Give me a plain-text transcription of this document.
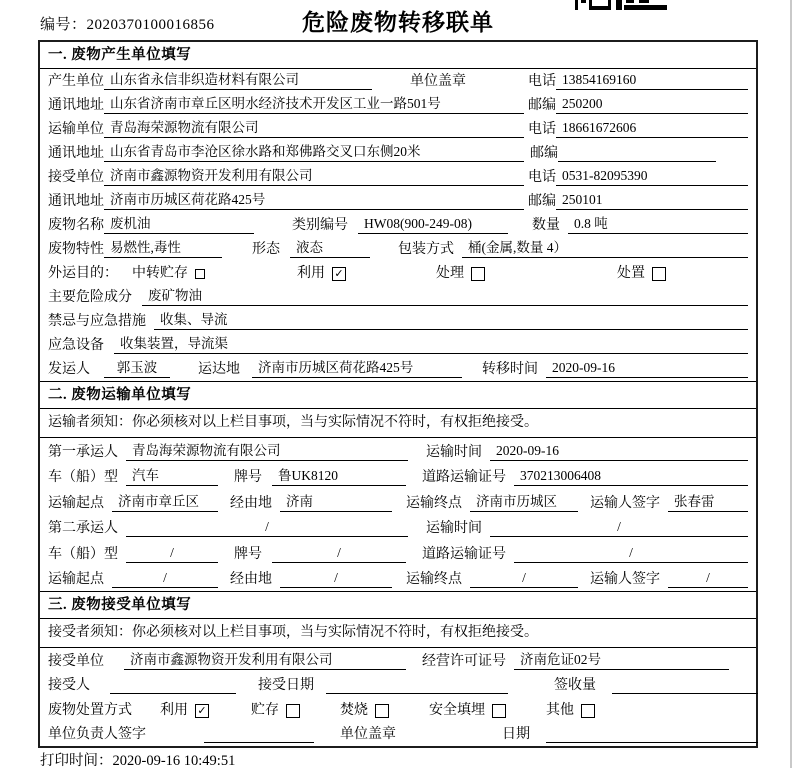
编号：2020370100016856	危险废物转移联单
一. 废物产生单位填写
产生单位 山东省永信非织造材料有限公司	单位盖章	电话 13854169160
通讯地址 山东省济南市章丘区明水经济技术开发区工业一路501号	邮编 250200
运输单位 青岛海荣源物流有限公司	电话 18661672606
通讯地址 山东省青岛市李沧区徐水路和郑佛路交叉口东侧20米	邮编
接受单位 济南市鑫源物资开发利用有限公司	电话 0531-82095390
通讯地址 济南市历城区荷花路425号	邮编 250101
废物名称 废机油	类别编号	HW08(900-249-08)	数量	0.8 吨
废物特性 易燃性,毒性	形态	液态	包装方式	桶(金属,数量 4）
外运目的： 中转贮存	利用 ✓	处理	处置
主要危险成分	废矿物油
禁忌与应急措施	收集、导流
应急设备	收集装置，导流渠
发运人	郭玉波	运达地	济南市历城区荷花路425号	转移时间	2020-09-16
二. 废物运输单位填写
运输者须知：你必须核对以上栏目事项，当与实际情况不符时，有权拒绝接受。
第一承运人	青岛海荣源物流有限公司	运输时间	2020-09-16
车（船）型	汽车	牌号	鲁UK8120	道路运输证号	370213006408
运输起点	济南市章丘区	经由地	济南	运输终点	济南市历城区	运输人签字	张春雷
第二承运人	/	运输时间	/
车（船）型	/	牌号	/	道路运输证号	/
运输起点	/	经由地	/	运输终点	/	运输人签字	/
三. 废物接受单位填写
接受者须知：你必须核对以上栏目事项，当与实际情况不符时，有权拒绝接受。
接受单位	济南市鑫源物资开发利用有限公司	经营许可证号	济南危证02号
接受人	接受日期	签收量
废物处置方式 利用 ✓	贮存	焚烧	安全填埋	其他
单位负责人签字	单位盖章	日期
打印时间：2020-09-16 10:49:51
